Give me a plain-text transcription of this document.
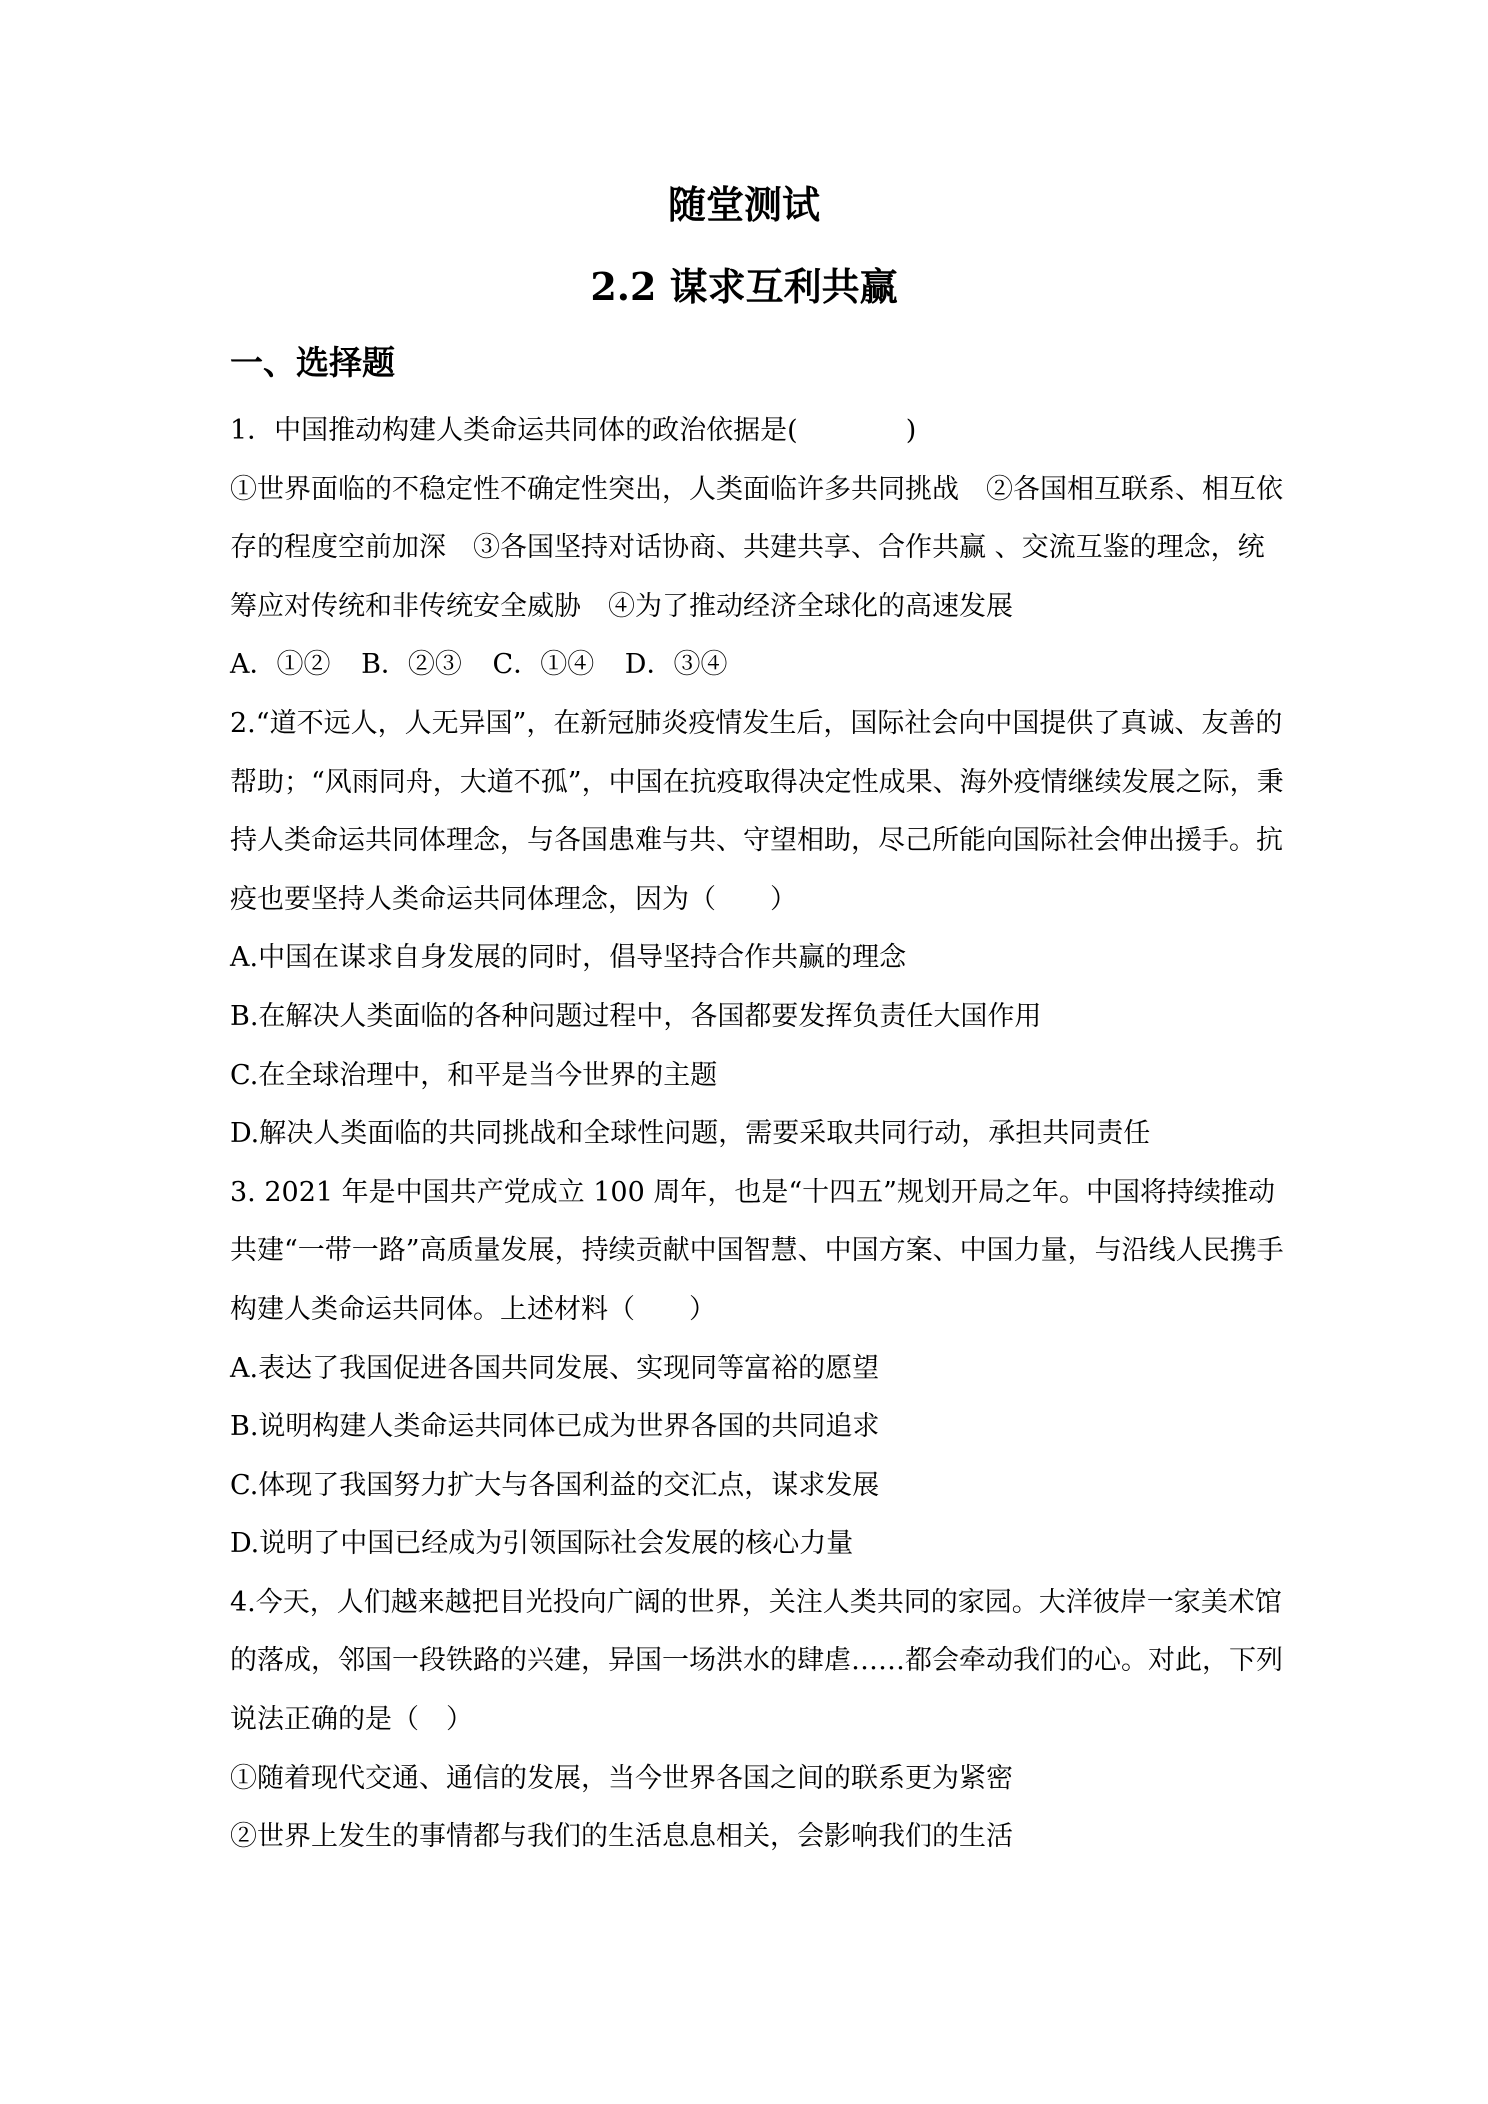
随堂测试
2.2 谋求互利共赢
一、选择题

1．中国推动构建人类命运共同体的政治依据是(　　　　)

①世界面临的不稳定性不确定性突出，人类面临许多共同挑战　②各国相互联系、相互依存的程度空前加深　③各国坚持对话协商、共建共享、合作共赢 、交流互鉴的理念，统筹应对传统和非传统安全威胁　④为了推动经济全球化的高速发展

A．①② B．②③ C．①④ D．③④

2.“道不远人，人无异国”，在新冠肺炎疫情发生后，国际社会向中国提供了真诚、友善的帮助；“风雨同舟，大道不孤”，中国在抗疫取得决定性成果、海外疫情继续发展之际，秉持人类命运共同体理念，与各国患难与共、守望相助，尽己所能向国际社会伸出援手。抗疫也要坚持人类命运共同体理念，因为（　　）

A.中国在谋求自身发展的同时，倡导坚持合作共赢的理念

B.在解决人类面临的各种问题过程中，各国都要发挥负责任大国作用

C.在全球治理中，和平是当今世界的主题

D.解决人类面临的共同挑战和全球性问题，需要采取共同行动，承担共同责任

3. 2021 年是中国共产党成立 100 周年，也是“十四五”规划开局之年。中国将持续推动共建“一带一路”高质量发展，持续贡献中国智慧、中国方案、中国力量，与沿线人民携手构建人类命运共同体。上述材料（　　）

A.表达了我国促进各国共同发展、实现同等富裕的愿望

B.说明构建人类命运共同体已成为世界各国的共同追求

C.体现了我国努力扩大与各国利益的交汇点，谋求发展

D.说明了中国已经成为引领国际社会发展的核心力量

4.今天，人们越来越把目光投向广阔的世界，关注人类共同的家园。大洋彼岸一家美术馆的落成，邻国一段铁路的兴建，异国一场洪水的肆虐……都会牵动我们的心。对此，下列说法正确的是（　）

①随着现代交通、通信的发展，当今世界各国之间的联系更为紧密

②世界上发生的事情都与我们的生活息息相关，会影响我们的生活
